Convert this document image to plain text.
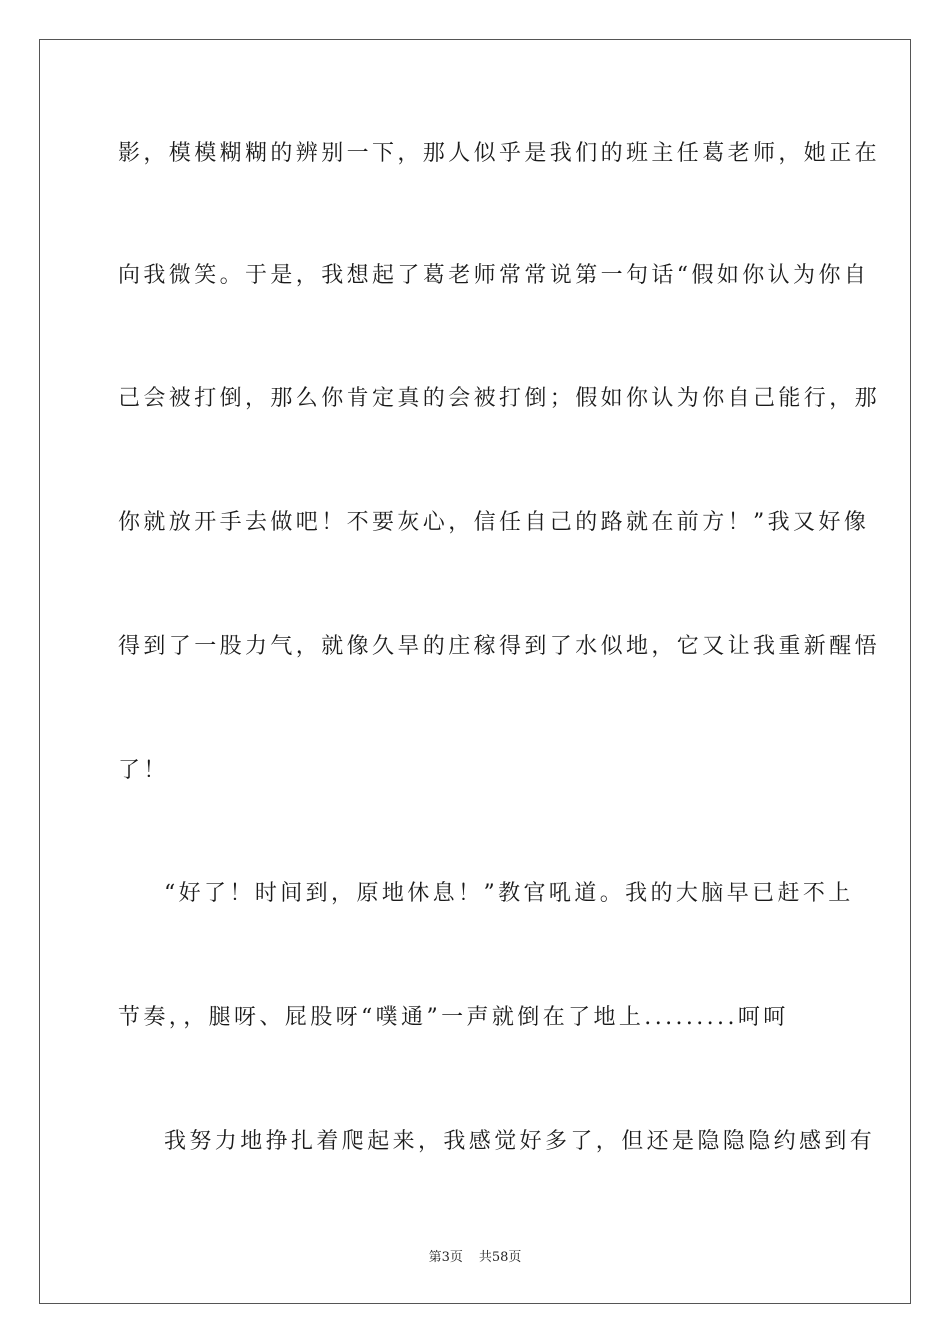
影，模模糊糊的辨别一下，那人似乎是我们的班主任葛老师，她正在
向我微笑。于是，我想起了葛老师常常说第一句话“假如你认为你自
己会被打倒，那么你肯定真的会被打倒；假如你认为你自己能行，那
你就放开手去做吧！不要灰心，信任自己的路就在前方！”我又好像
得到了一股力气，就像久旱的庄稼得到了水似地，它又让我重新醒悟
了！
“好了！时间到，原地休息！”教官吼道。我的大脑早已赶不上
节奏，，腿呀、屁股呀“噗通”一声就倒在了地上.........呵呵
我努力地挣扎着爬起来，我感觉好多了，但还是隐隐隐约感到有
第3页 共58页
